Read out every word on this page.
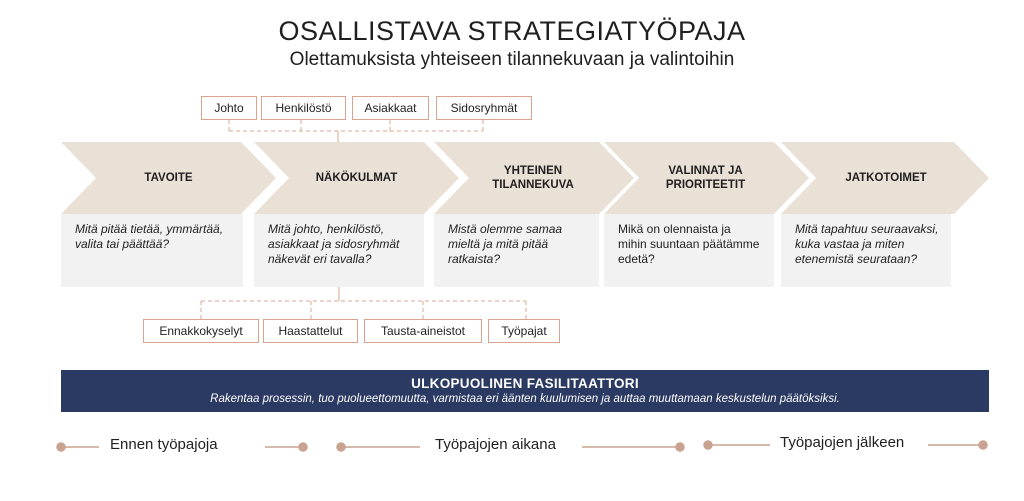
OSALLISTAVA STRATEGIATYÖPAJA
Olettamuksista yhteiseen tilannekuvaan ja valintoihin
Johto	Henkilöstö	Asiakkaat	Sidosryhmät
TAVOITE	NÄKÖKULMAT
YHTEINEN TILANNEKUVA
VALINNAT JA PRIORITEETIT
JATKOTOIMET
Mitä pitää tietää, ymmärtää, valita tai päättää?
Mitä johto, henkilöstö, asiakkaat ja sidosryhmät näkevät eri tavalla?
Mistä olemme samaa mieltä ja mitä pitää ratkaista?
Mikä on olennaista ja mihin suuntaan päätämme edetä?
Mitä tapahtuu seuraavaksi, kuka vastaa ja miten etenemistä seurataan?
Ennakkokyselyt	Haastattelut	Tausta-aineistot	Työpajat
ULKOPUOLINEN FASILITAATTORI
Rakentaa prosessin, tuo puolueettomuutta, varmistaa eri äänten kuulumisen ja auttaa muuttamaan keskustelun päätöksiksi.
Ennen työpajoja	Työpajojen aikana	Työpajojen jälkeen
